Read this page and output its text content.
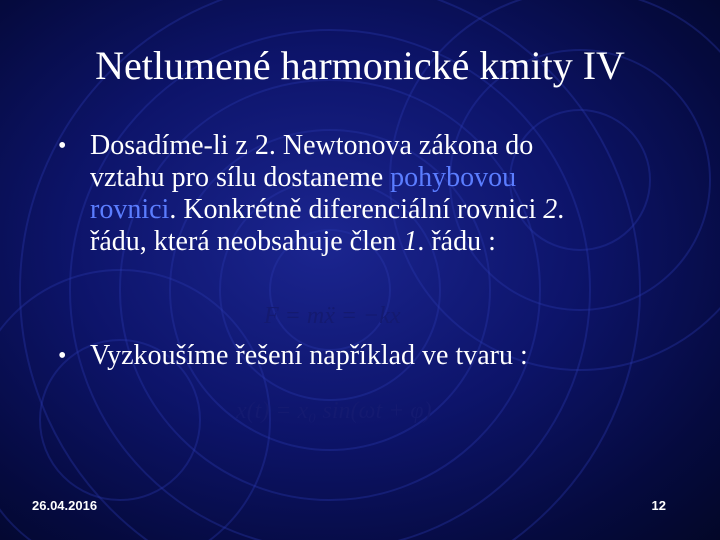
Netlumené harmonické kmity IV
• Dosadíme-li z 2. Newtonova zákona do
vztahu pro sílu dostaneme pohybovou
rovnici. Konkrétně diferenciální rovnici 2.
řádu, která neobsahuje člen 1. řádu :
F = mẍ = −kx
• Vyzkoušíme řešení například ve tvaru :
x(t) = x₀ sin(ωt + φ)
26.04.2016	12
